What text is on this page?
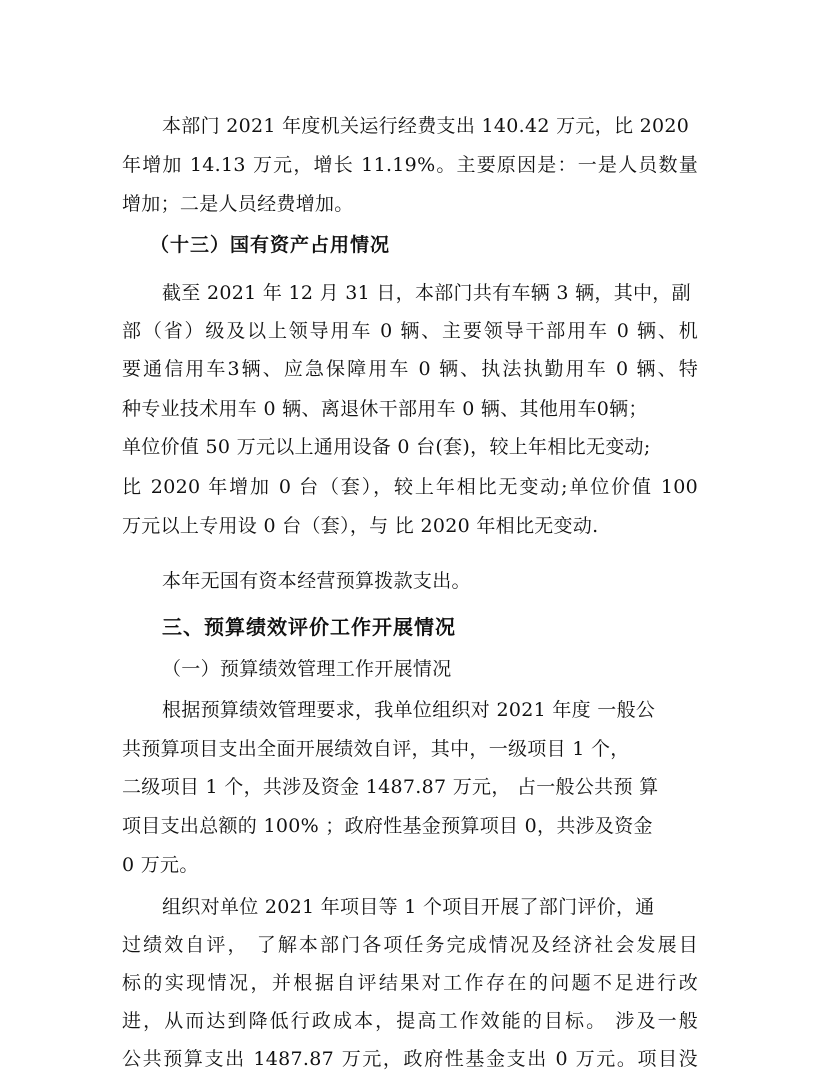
本部门 2021 年度机关运行经费支出 140.42 万元，比 2020
年增加 14.13 万元，增长 11.19%。主要原因是：一是人员数量
增加；二是人员经费增加。
（十三）国有资产占用情况
截至 2021 年 12 月 31 日，本部门共有车辆 3 辆，其中，副
部（省）级及以上领导用车 0 辆、主要领导干部用车 0 辆、机
要通信用车3辆、应急保障用车 0 辆、执法执勤用车 0 辆、特
种专业技术用车 0 辆、离退休干部用车 0 辆、其他用车0辆；
单位价值 50 万元以上通用设备 0 台(套)，较上年相比无变动;
比 2020 年增加 0 台（套），较上年相比无变动;单位价值 100
万元以上专用设 0 台（套），与 比 2020 年相比无变动.
本年无国有资本经营预算拨款支出。
三、预算绩效评价工作开展情况
（一）预算绩效管理工作开展情况
根据预算绩效管理要求，我单位组织对 2021 年度 一般公
共预算项目支出全面开展绩效自评，其中，一级项目 1 个，
二级项目 1 个，共涉及资金 1487.87 万元， 占一般公共预 算
项目支出总额的 100% ；政府性基金预算项目 0，共涉及资金
0 万元。
组织对单位 2021 年项目等 1 个项目开展了部门评价，通
过绩效自评， 了解本部门各项任务完成情况及经济社会发展目
标的实现情况，并根据自评结果对工作存在的问题不足进行改
进，从而达到降低行政成本，提高工作效能的目标。 涉及一般
公共预算支出 1487.87 万元，政府性基金支出 0 万元。项目没
